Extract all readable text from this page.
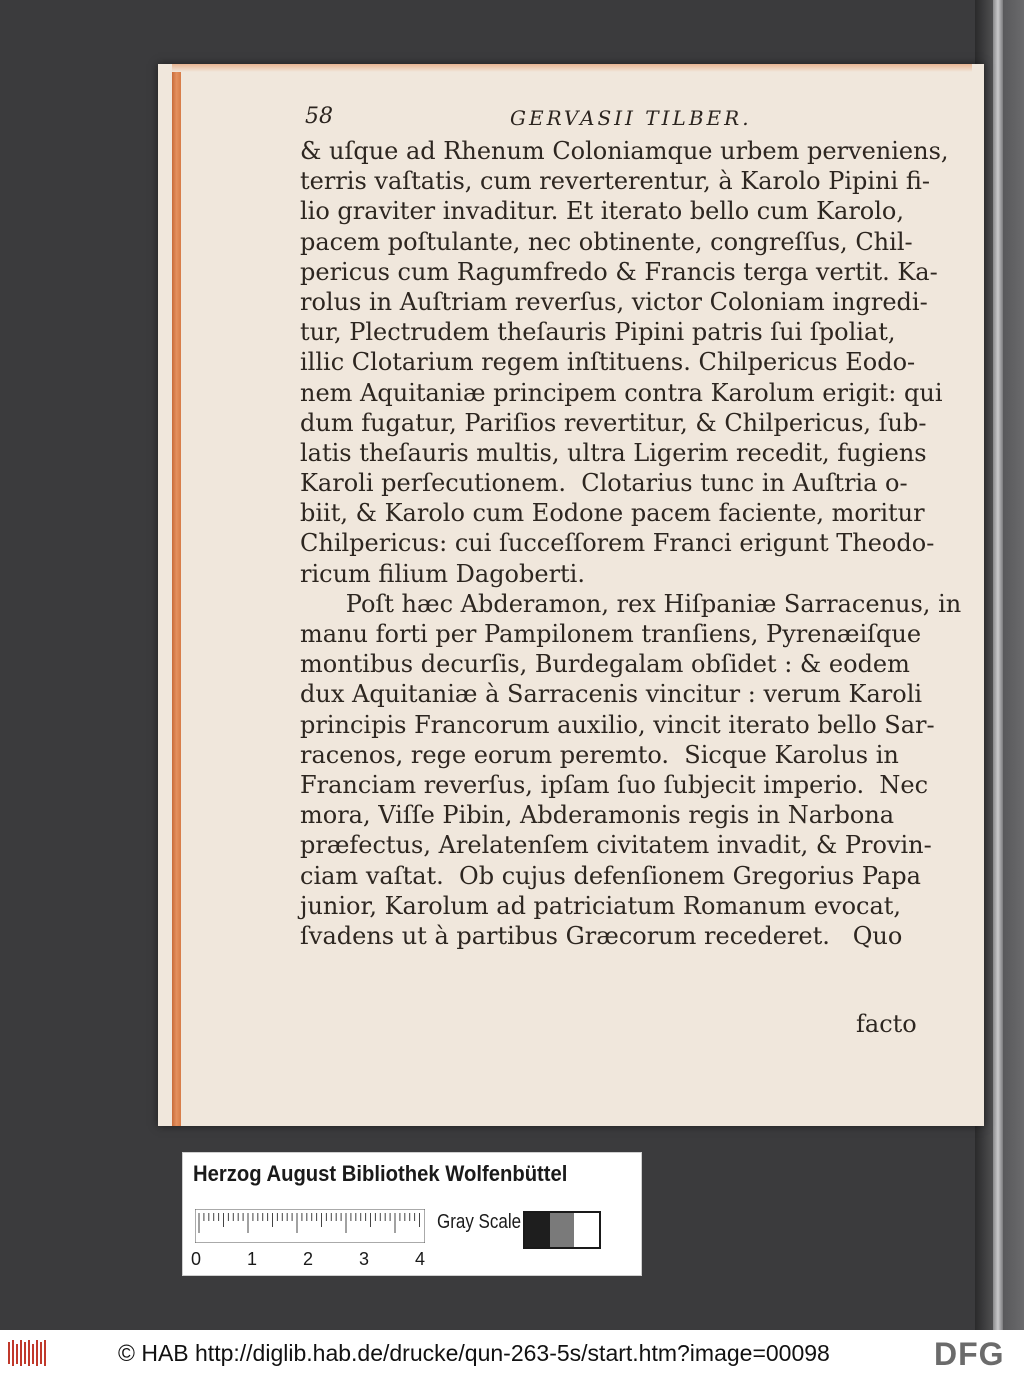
58	GERVASII TILBER.
& uſque ad Rhenum Coloniamque urbem perveniens,
terris vaſtatis, cum reverterentur, à Karolo Pipini fi-
lio graviter invaditur. Et iterato bello cum Karolo,
pacem poſtulante, nec obtinente, congreſſus, Chil-
pericus cum Ragumfredo & Francis terga vertit. Ka-
rolus in Auſtriam reverſus, victor Coloniam ingredi-
tur, Plectrudem theſauris Pipini patris ſui ſpoliat,
illic Clotarium regem inſtituens. Chilpericus Eodo-
nem Aquitaniæ principem contra Karolum erigit: qui
dum fugatur, Pariſios revertitur, & Chilpericus, ſub-
latis theſauris multis, ultra Ligerim recedit, fugiens
Karoli perſecutionem.  Clotarius tunc in Auſtria o-
biit, & Karolo cum Eodone pacem faciente, moritur
Chilpericus: cui ſucceſſorem Franci erigunt Theodo-
ricum filium Dagoberti.
Poſt hæc Abderamon, rex Hiſpaniæ Sarracenus, in
manu forti per Pampilonem tranſiens, Pyrenæiſque
montibus decurſis, Burdegalam obſidet : & eodem
dux Aquitaniæ à Sarracenis vincitur : verum Karoli
principis Francorum auxilio, vincit iterato bello Sar-
racenos, rege eorum peremto.  Sicque Karolus in
Franciam reverſus, ipſam ſuo ſubjecit imperio.  Nec
mora, Viſſe Pibin, Abderamonis regis in Narbona
præfectus, Arelatenſem civitatem invadit, & Provin-
ciam vaſtat.  Ob cujus defenſionem Gregorius Papa
junior, Karolum ad patriciatum Romanum evocat,
ſvadens ut à partibus Græcorum recederet.   Quo
facto
Herzog August Bibliothek Wolfenbüttel
Gray Scale
0	1	2	3	4
© HAB http://diglib.hab.de/drucke/qun-263-5s/start.htm?image=00098	DFG
